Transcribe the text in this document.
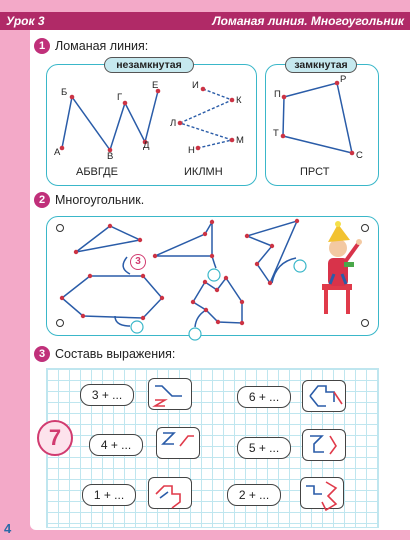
Урок 3	Ломаная линия. Многоугольник
1 Ломаная линия:
незамкнутая	замкнутая
А
Б
В
Г
Д
Е	И
К
Л
М
Н
П
Р
С
Т
АБВГДЕ	ИКЛМН	ПРСТ
2 Многоугольник.
3
3 Составь выражения:
7
3 + ...
4 + ...
1 + ...
6 + ...
5 + ...
2 + ...
4
